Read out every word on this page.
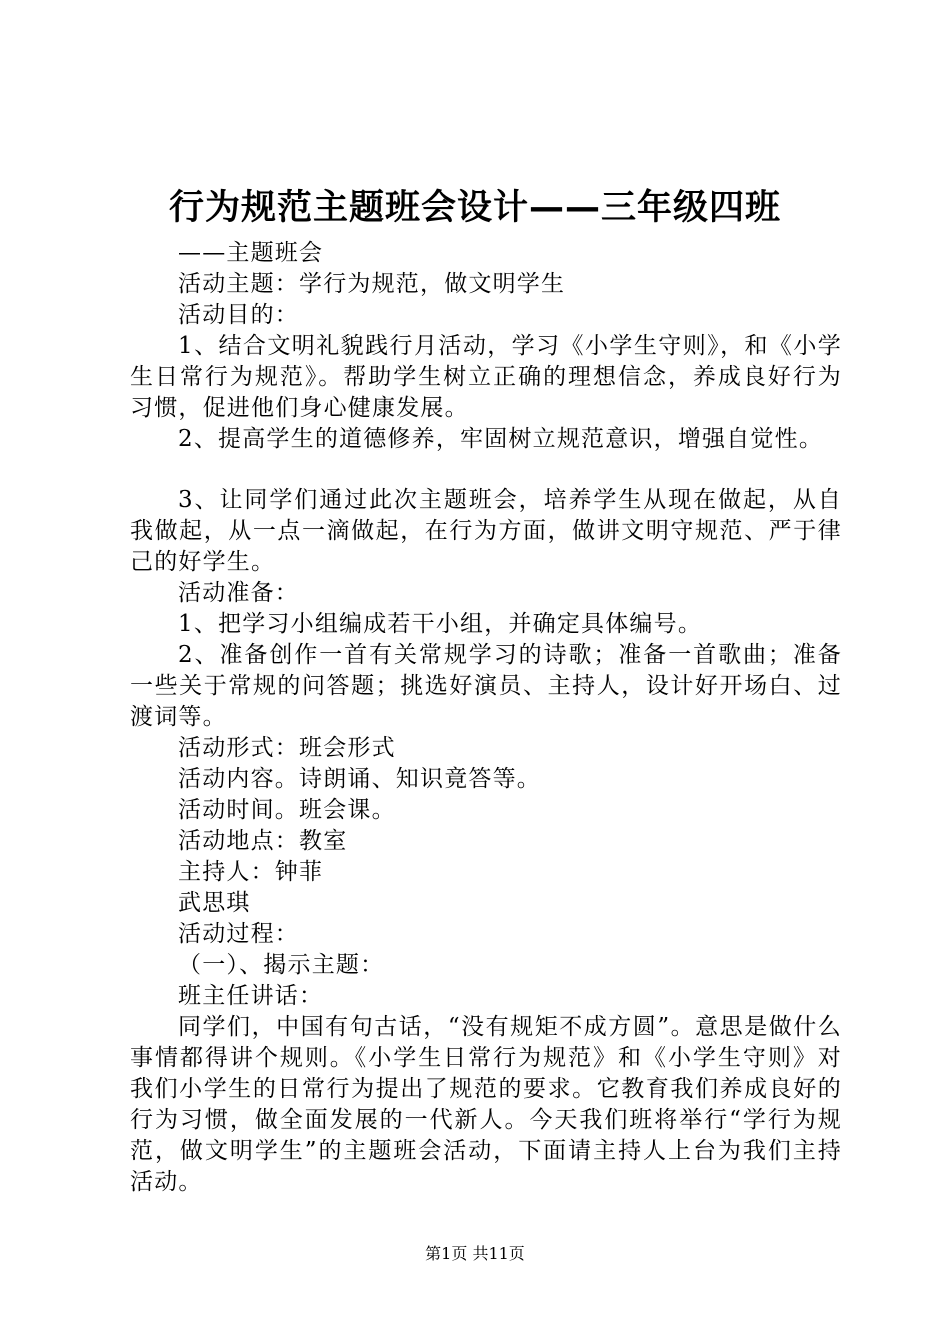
行为规范主题班会设计——三年级四班

——主题班会

活动主题：学行为规范，做文明学生

活动目的：

1、结合文明礼貌践行月活动，学习《小学生守则》，和《小学生日常行为规范》。帮助学生树立正确的理想信念，养成良好行为习惯，促进他们身心健康发展。

2、提高学生的道德修养，牢固树立规范意识，增强自觉性。

3、让同学们通过此次主题班会，培养学生从现在做起，从自我做起，从一点一滴做起，在行为方面，做讲文明守规范、严于律己的好学生。

活动准备：

1、把学习小组编成若干小组，并确定具体编号。

2、准备创作一首有关常规学习的诗歌；准备一首歌曲；准备一些关于常规的问答题；挑选好演员、主持人，设计好开场白、过渡词等。

活动形式：班会形式

活动内容。诗朗诵、知识竟答等。

活动时间。班会课。

活动地点：教室

主持人：钟菲

武思琪

活动过程：

（一）、揭示主题：

班主任讲话：

同学们，中国有句古话，“没有规矩不成方圆”。意思是做什么事情都得讲个规则。《小学生日常行为规范》和《小学生守则》对我们小学生的日常行为提出了规范的要求。它教育我们养成良好的行为习惯，做全面发展的一代新人。今天我们班将举行“学行为规范，做文明学生”的主题班会活动，下面请主持人上台为我们主持活动。

第1页 共11页
